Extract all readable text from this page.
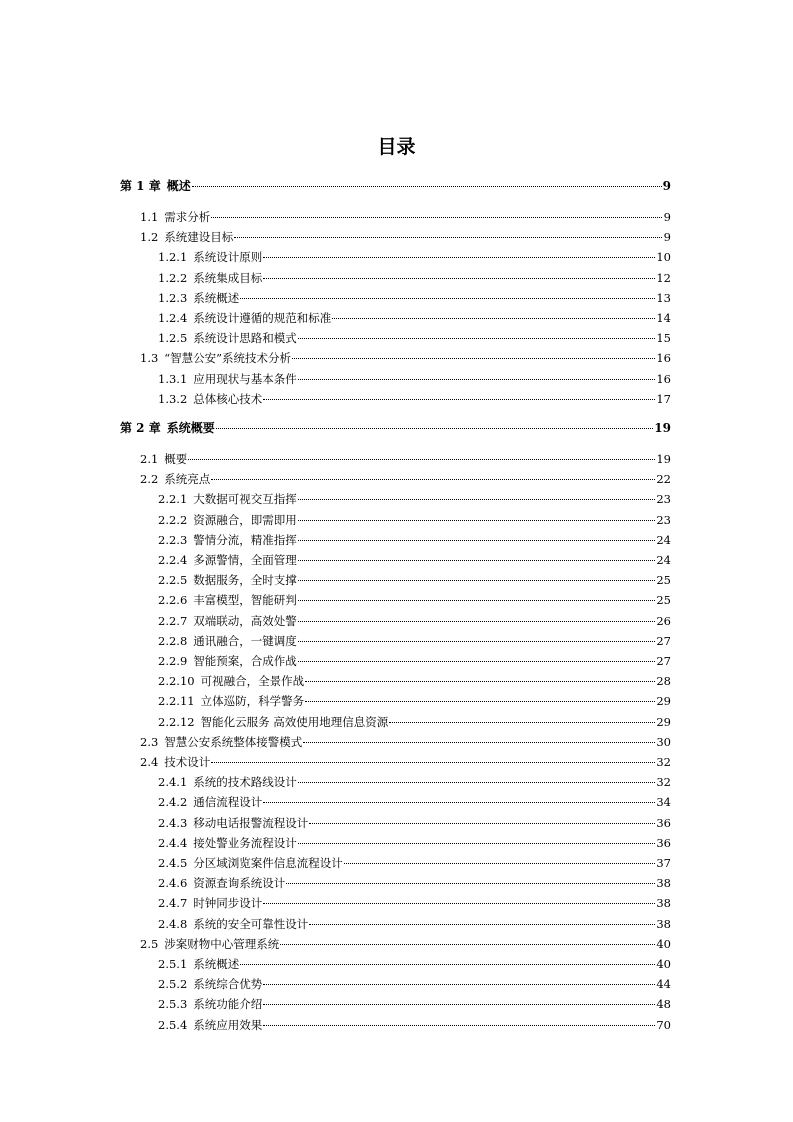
目录
第 1 章 概述	9
1.1 需求分析	9
1.2 系统建设目标	9
1.2.1 系统设计原则	10
1.2.2 系统集成目标	12
1.2.3 系统概述	13
1.2.4 系统设计遵循的规范和标准	14
1.2.5 系统设计思路和模式	15
1.3 “智慧公安”系统技术分析	16
1.3.1 应用现状与基本条件	16
1.3.2 总体核心技术	17
第 2 章 系统概要	19
2.1 概要	19
2.2 系统亮点	22
2.2.1 大数据可视交互指挥	23
2.2.2 资源融合，即需即用	23
2.2.3 警情分流，精准指挥	24
2.2.4 多源警情，全面管理	24
2.2.5 数据服务，全时支撑	25
2.2.6 丰富模型，智能研判	25
2.2.7 双端联动，高效处警	26
2.2.8 通讯融合，一键调度	27
2.2.9 智能预案，合成作战	27
2.2.10 可视融合，全景作战	28
2.2.11 立体巡防，科学警务	29
2.2.12 智能化云服务 高效使用地理信息资源	29
2.3 智慧公安系统整体接警模式	30
2.4 技术设计	32
2.4.1 系统的技术路线设计	32
2.4.2 通信流程设计	34
2.4.3 移动电话报警流程设计	36
2.4.4 接处警业务流程设计	36
2.4.5 分区域浏览案件信息流程设计	37
2.4.6 资源查询系统设计	38
2.4.7 时钟同步设计	38
2.4.8 系统的安全可靠性设计	38
2.5 涉案财物中心管理系统	40
2.5.1 系统概述	40
2.5.2 系统综合优势	44
2.5.3 系统功能介绍	48
2.5.4 系统应用效果	70
